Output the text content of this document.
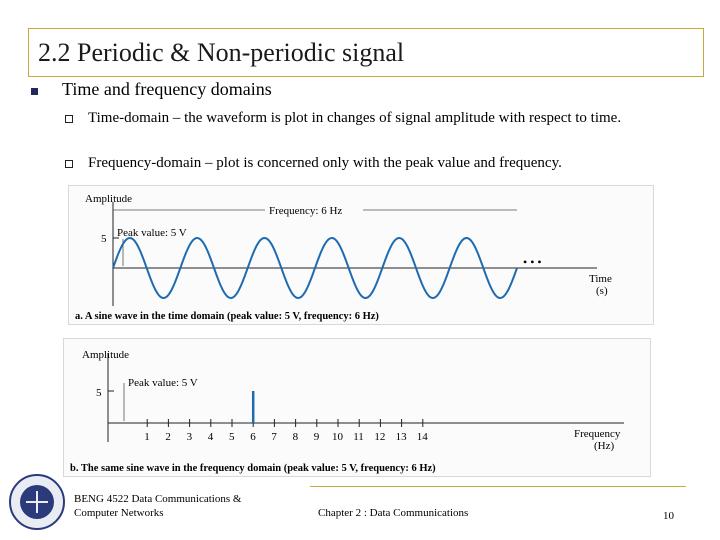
2.2 Periodic & Non-periodic signal
Time and frequency domains
Time-domain – the waveform is plot in changes of signal amplitude with respect to time.
Frequency-domain – plot is concerned only with the peak value and frequency.
Amplitude
5
Frequency: 6 Hz
Peak value: 5 V
• • •
Time
(s)
a. A sine wave in the time domain (peak value: 5 V, frequency: 6 Hz)
Amplitude
5
Peak value: 5 V
1 2 3 4 5 6 7 8 9 10 11 12 13 14	Frequency
(Hz)
b. The same sine wave in the frequency domain (peak value: 5 V, frequency: 6 Hz)
BENG 4522 Data Communications &
Computer Networks	Chapter 2 : Data Communications	10
